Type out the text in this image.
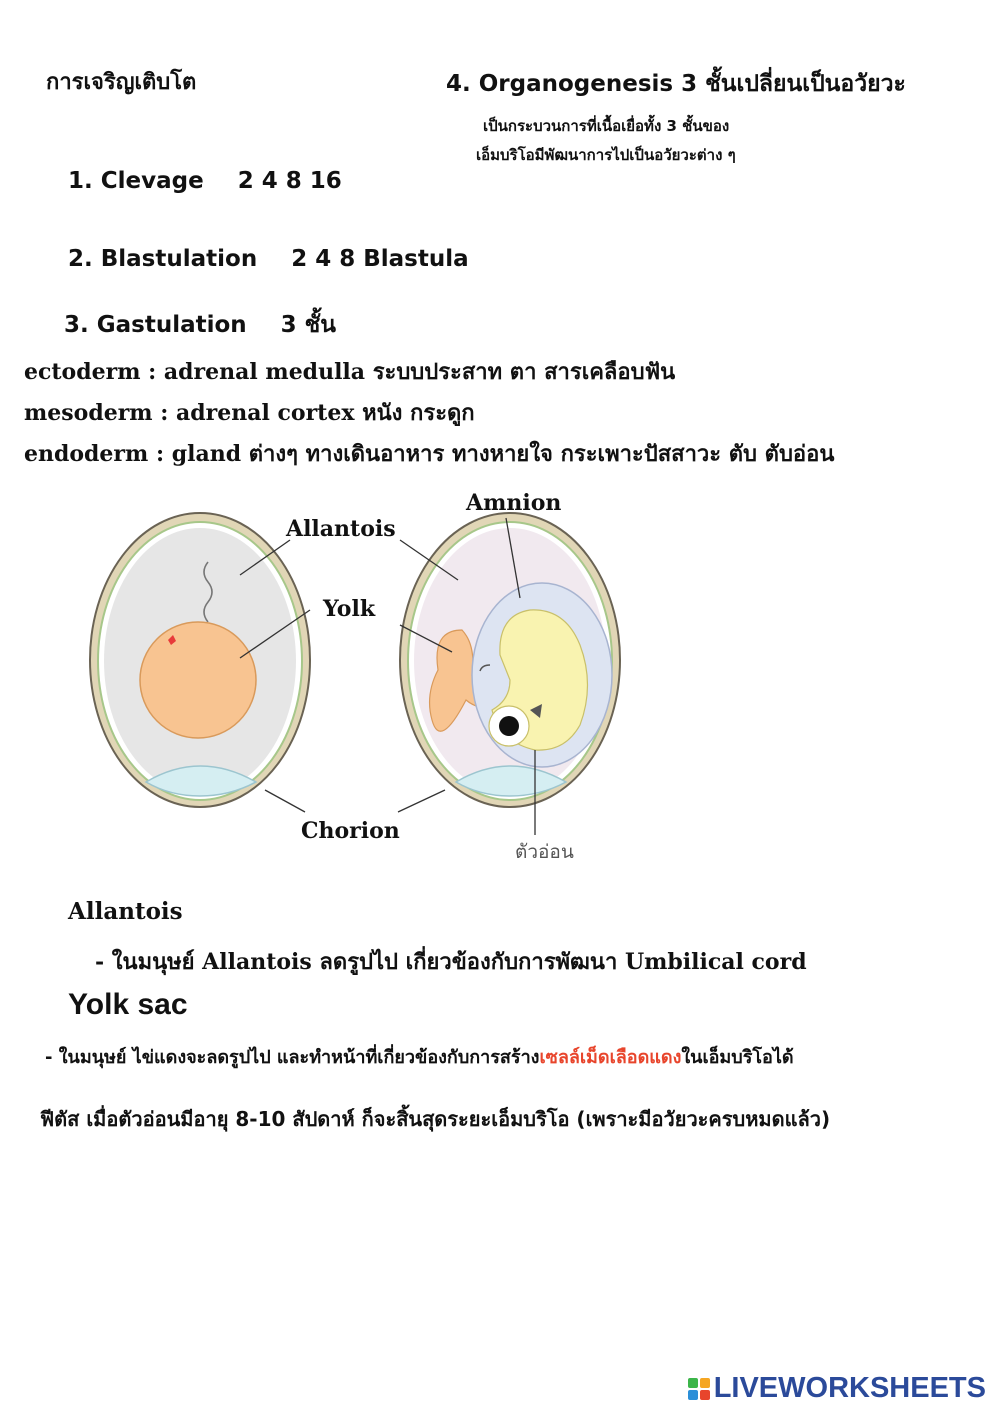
การเจริญเติบโต	4. Organogenesis 3 ชั้นเปลี่ยนเป็นอวัยวะ
เป็นกระบวนการที่เนื้อเยื่อทั้ง 3 ชั้นของ
เอ็มบริโอมีพัฒนาการไปเป็นอวัยวะต่าง ๆ
1. Clevage 2 4 8 16
2. Blastulation 2 4 8 Blastula
3. Gastulation 3 ชั้น
ectoderm : adrenal medulla ระบบประสาท ตา สารเคลือบฟัน
mesoderm : adrenal cortex หนัง กระดูก
endoderm : gland ต่างๆ ทางเดินอาหาร ทางหายใจ กระเพาะปัสสาวะ ตับ ตับอ่อน
Amnion
Allantois
Yolk
Chorion
ตัวอ่อน
Allantois
- ในมนุษย์ Allantois ลดรูปไป เกี่ยวข้องกับการพัฒนา Umbilical cord
Yolk sac
- ในมนุษย์ ไข่แดงจะลดรูปไป และทำหน้าที่เกี่ยวข้องกับการสร้างเซลล์เม็ดเลือดแดงในเอ็มบริโอได้
ฟีตัส เมื่อตัวอ่อนมีอายุ 8-10 สัปดาห์ ก็จะสิ้นสุดระยะเอ็มบริโอ (เพราะมีอวัยวะครบหมดแล้ว)
LIVEWORKSHEETS
